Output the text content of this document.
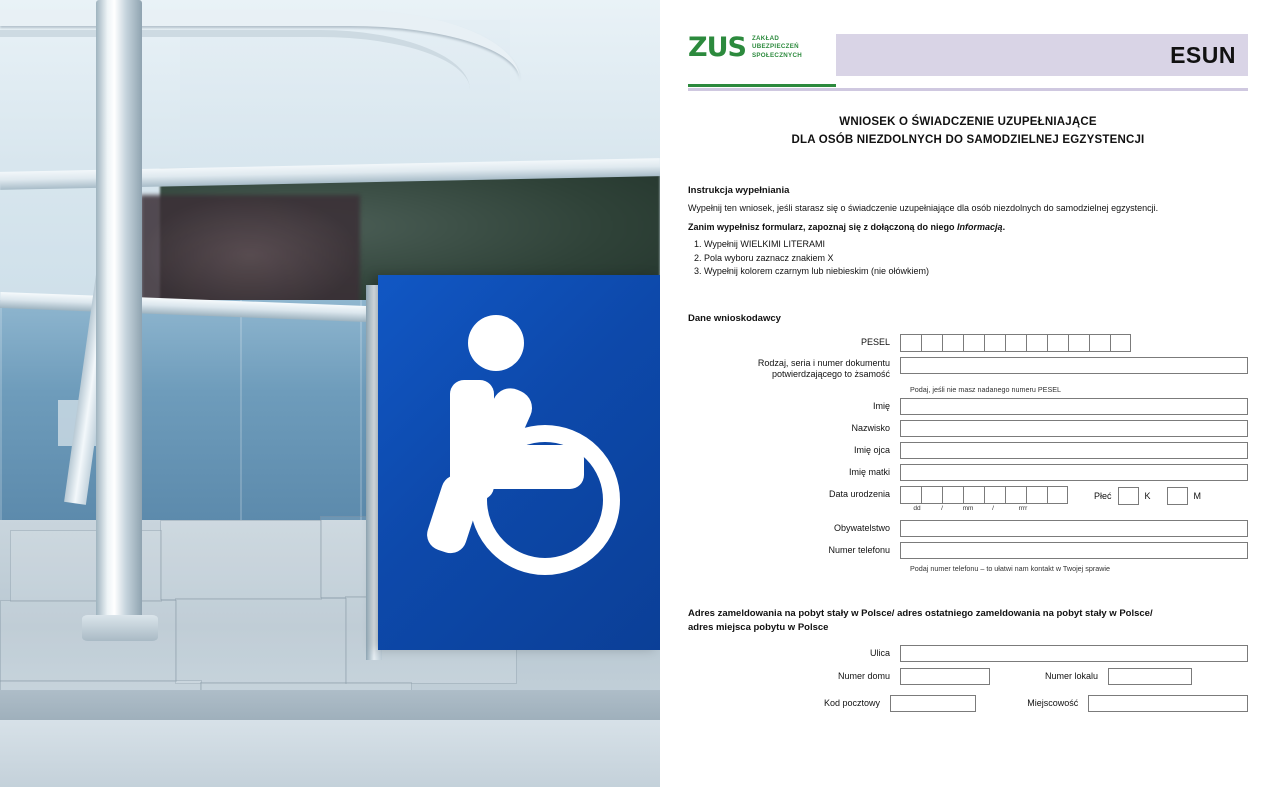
ZUS ZAKŁAD
UBEZPIECZEŃ
SPOŁECZNYCH	ESUN
WNIOSEK O ŚWIADCZENIE UZUPEŁNIAJĄCE
DLA OSÓB NIEZDOLNYCH DO SAMODZIELNEJ EGZYSTENCJI
Instrukcja wypełniania
Wypełnij ten wniosek, jeśli starasz się o świadczenie uzupełniające dla osób niezdolnych do samodzielnej egzystencji.
Zanim wypełnisz formularz, zapoznaj się z dołączoną do niego Informacją.
1. Wypełnij WIELKIMI LITERAMI
2. Pola wyboru zaznacz znakiem X
3. Wypełnij kolorem czarnym lub niebieskim (nie ołówkiem)
Dane wnioskodawcy
PESEL
Rodzaj, seria i numer dokumentu potwierdzającego to żsamość
Podaj, jeśli nie masz nadanego numeru PESEL
Imię
Nazwisko
Imię ojca
Imię matki
Data urodzenia
dd	/	mm	/	rrrr
Płeć	K	M
Obywatelstwo
Numer telefonu
Podaj numer telefonu – to ułatwi nam kontakt w Twojej sprawie
Adres zameldowania na pobyt stały w Polsce/ adres ostatniego zameldowania na pobyt stały w Polsce/
adres miejsca pobytu w Polsce
Ulica
Numer domu	Numer lokalu
Kod pocztowy	Miejscowość
